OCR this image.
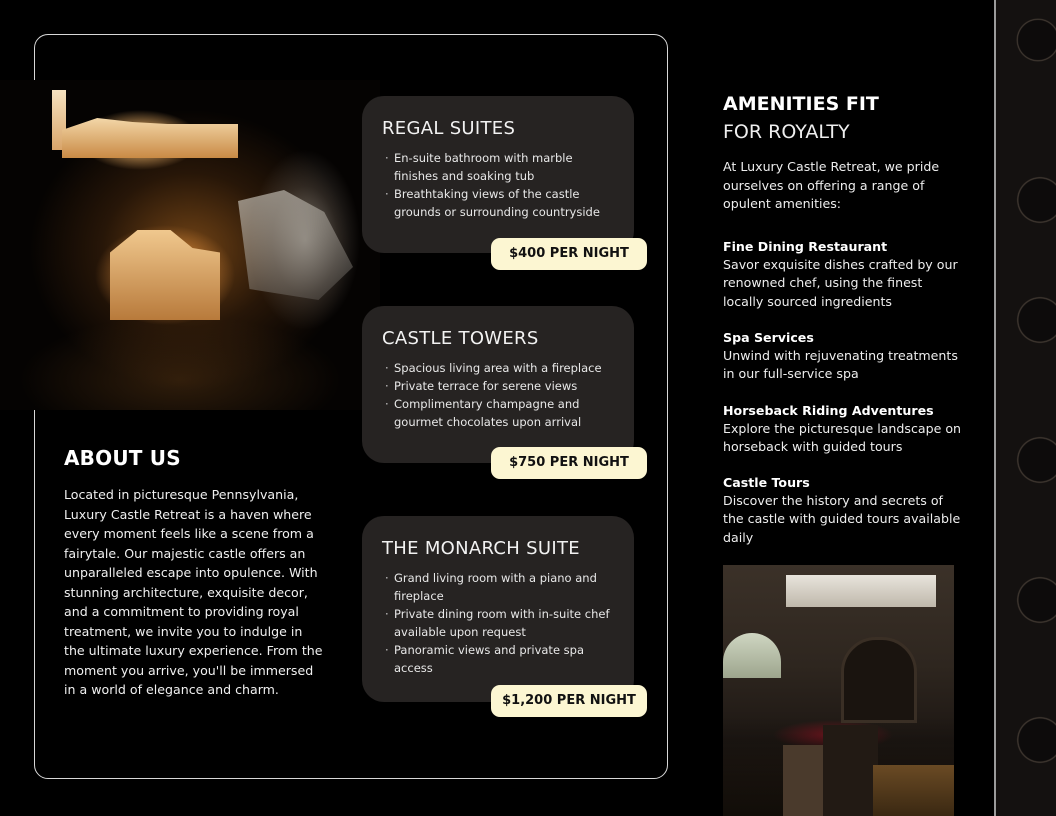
REGAL SUITES
· En-suite bathroom with marble finishes and soaking tub
· Breathtaking views of the castle grounds or surrounding countryside
$400 PER NIGHT
CASTLE TOWERS
· Spacious living area with a fireplace
· Private terrace for serene views
· Complimentary champagne and gourmet chocolates upon arrival
$750 PER NIGHT
THE MONARCH SUITE
· Grand living room with a piano and fireplace
· Private dining room with in-suite chef available upon request
· Panoramic views and private spa access
$1,200 PER NIGHT
ABOUT US

Located in picturesque Pennsylvania, Luxury Castle Retreat is a haven where every moment feels like a scene from a fairytale. Our majestic castle offers an unparalleled escape into opulence. With stunning architecture, exquisite decor, and a commitment to providing royal treatment, we invite you to indulge in the ultimate luxury experience. From the moment you arrive, you'll be immersed in a world of elegance and charm.

AMENITIES FIT
FOR ROYALTY

At Luxury Castle Retreat, we pride ourselves on offering a range of opulent amenities:

Fine Dining Restaurant
Savor exquisite dishes crafted by our renowned chef, using the finest locally sourced ingredients
Spa Services
Unwind with rejuvenating treatments in our full-service spa
Horseback Riding Adventures
Explore the picturesque landscape on horseback with guided tours
Castle Tours
Discover the history and secrets of the castle with guided tours available daily
